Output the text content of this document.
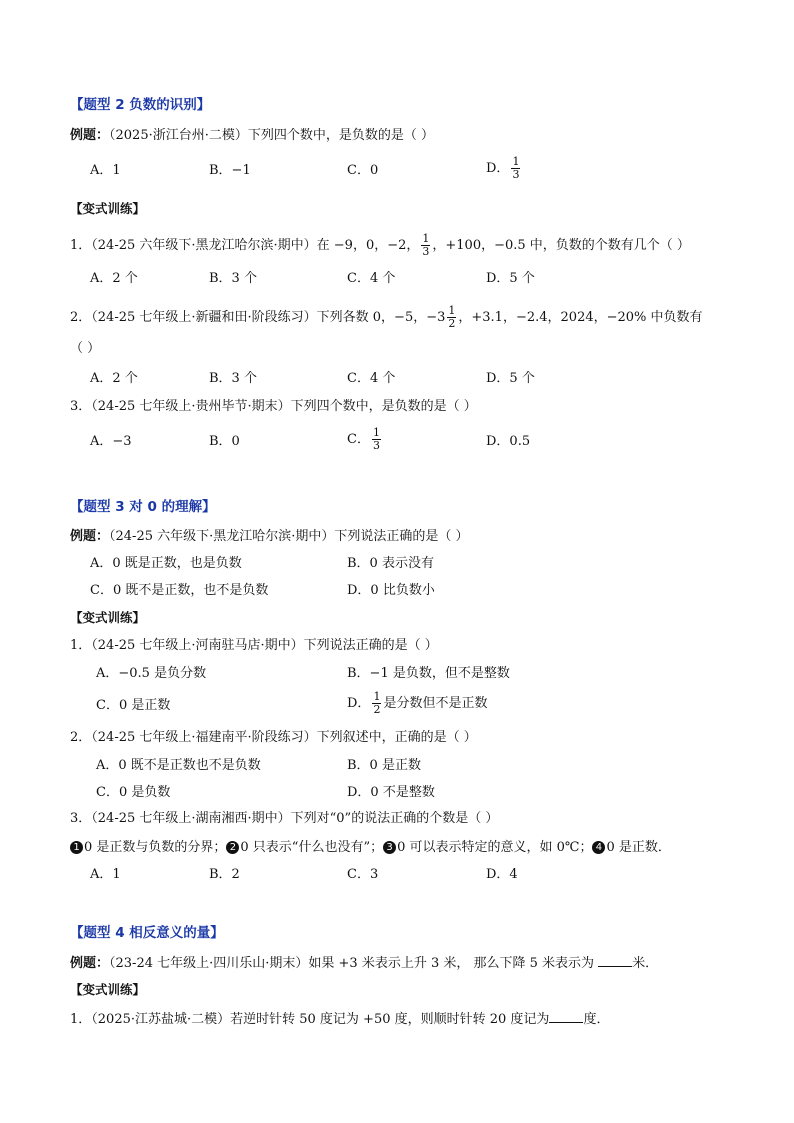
【题型 2 负数的识别】
例题：（2025·浙江台州·二模）下列四个数中，是负数的是（ ）
A．1	B．−1	C．0	D． $\frac{1}{3}$
【变式训练】
1．（24-25 六年级下·黑龙江哈尔滨·期中）在 −9，0，−2， $\frac{1}{3}$ ，+100，−0.5 中，负数的个数有几个（ ）
A．2 个	B．3 个	C．4 个	D．5 个
2．（24-25 七年级上·新疆和田·阶段练习）下列各数 0，−5，$-3 \frac{1}{2}$ ，+3.1，−2.4，2024，−20% 中负数有
（ ）
A．2 个	B．3 个	C．4 个	D．5 个
3．（24-25 七年级上·贵州毕节·期末）下列四个数中，是负数的是（ ）
A．−3	B．0	C． $\frac{1}{3}$	D．0.5
【题型 3 对 0 的理解】
例题：（24-25 六年级下·黑龙江哈尔滨·期中）下列说法正确的是（ ）
A．0 既是正数，也是负数	B．0 表示没有
C．0 既不是正数，也不是负数	D．0 比负数小
【变式训练】
1．（24-25 七年级上·河南驻马店·期中）下列说法正确的是（ ）
A．−0.5 是负分数	B．−1 是负数，但不是整数
C．0 是正数	D． $\frac{1}{2}$ 是分数但不是正数
2．（24-25 七年级上·福建南平·阶段练习）下列叙述中，正确的是（ ）
A．0 既不是正数也不是负数	B．0 是正数
C．0 是负数	D．0 不是整数
3．（24-25 七年级上·湖南湘西·期中）下列对“0”的说法正确的个数是（ ）
1 0 是正数与负数的分界； 2 0 只表示“什么也没有”； 3 0 可以表示特定的意义，如 0℃； 4 0 是正数．
A．1	B．2	C．3	D．4
【题型 4 相反意义的量】
例题：（23-24 七年级上·四川乐山·期末）如果 +3 米表示上升 3 米， 那么下降 5 米表示为	米．
【变式训练】
1．（2025·江苏盐城·二模）若逆时针转 50 度记为 +50 度，则顺时针转 20 度记为	度．
